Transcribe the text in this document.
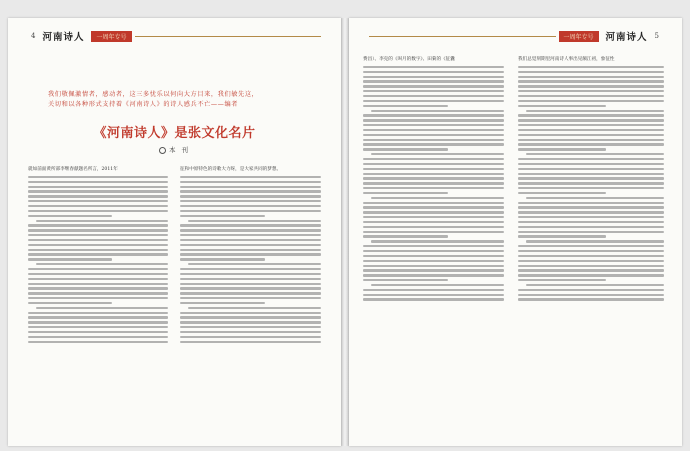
4 河南诗人	一周年专号
我们敬佩激情者，感动者，这三多忧乐以何向大方目来，我们敏先这，
关切和以各种形式支持着《河南诗人》的诗人感兵不亡——编者
《河南诗人》是张文化名片
本 刊
就如前面黄所部李继春献题名所言，2011年	征和中原特色的诗歌大力呀，是大家共同的梦想。
一周年专号	河南诗人 5
费昌）、李克的《叫月的数字》、田菊的《征囊	我们总觉刻期里河南诗人事出见颇江初，象征性
